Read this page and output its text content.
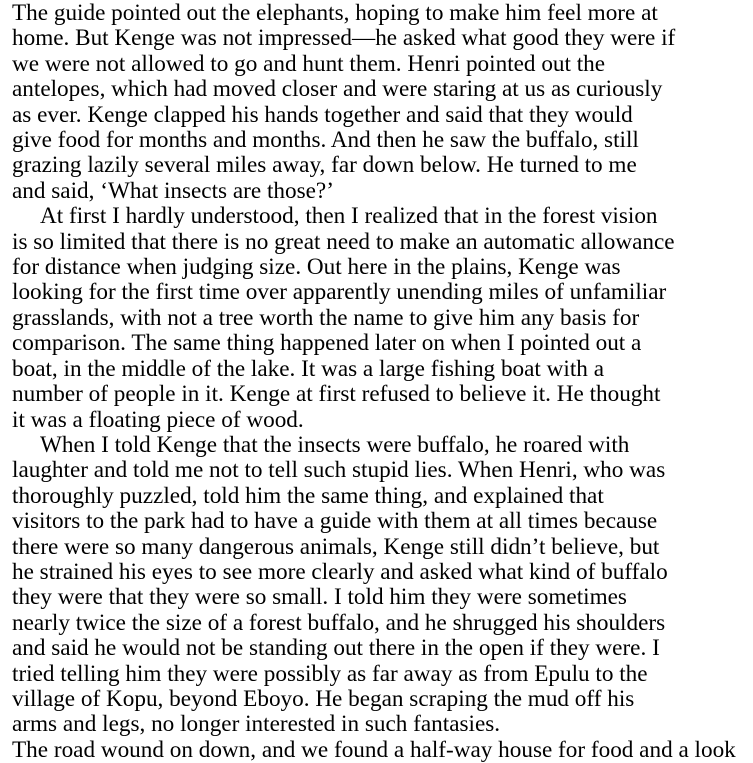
The guide pointed out the elephants, hoping to make him feel more at
home. But Kenge was not impressed—he asked what good they were if
we were not allowed to go and hunt them. Henri pointed out the
antelopes, which had moved closer and were staring at us as curiously
as ever. Kenge clapped his hands together and said that they would
give food for months and months. And then he saw the buffalo, still
grazing lazily several miles away, far down below. He turned to me
and said, ‘What insects are those?’

At first I hardly understood, then I realized that in the forest vision
is so limited that there is no great need to make an automatic allowance
for distance when judging size. Out here in the plains, Kenge was
looking for the first time over apparently unending miles of unfamiliar
grasslands, with not a tree worth the name to give him any basis for
comparison. The same thing happened later on when I pointed out a
boat, in the middle of the lake. It was a large fishing boat with a
number of people in it. Kenge at first refused to believe it. He thought
it was a floating piece of wood.

When I told Kenge that the insects were buffalo, he roared with
laughter and told me not to tell such stupid lies. When Henri, who was
thoroughly puzzled, told him the same thing, and explained that
visitors to the park had to have a guide with them at all times because
there were so many dangerous animals, Kenge still didn’t believe, but
he strained his eyes to see more clearly and asked what kind of buffalo
they were that they were so small. I told him they were sometimes
nearly twice the size of a forest buffalo, and he shrugged his shoulders
and said he would not be standing out there in the open if they were. I
tried telling him they were possibly as far away as from Epulu to the
village of Kopu, beyond Eboyo. He began scraping the mud off his
arms and legs, no longer interested in such fantasies.

The road wound on down, and we found a half-way house for food and a look
